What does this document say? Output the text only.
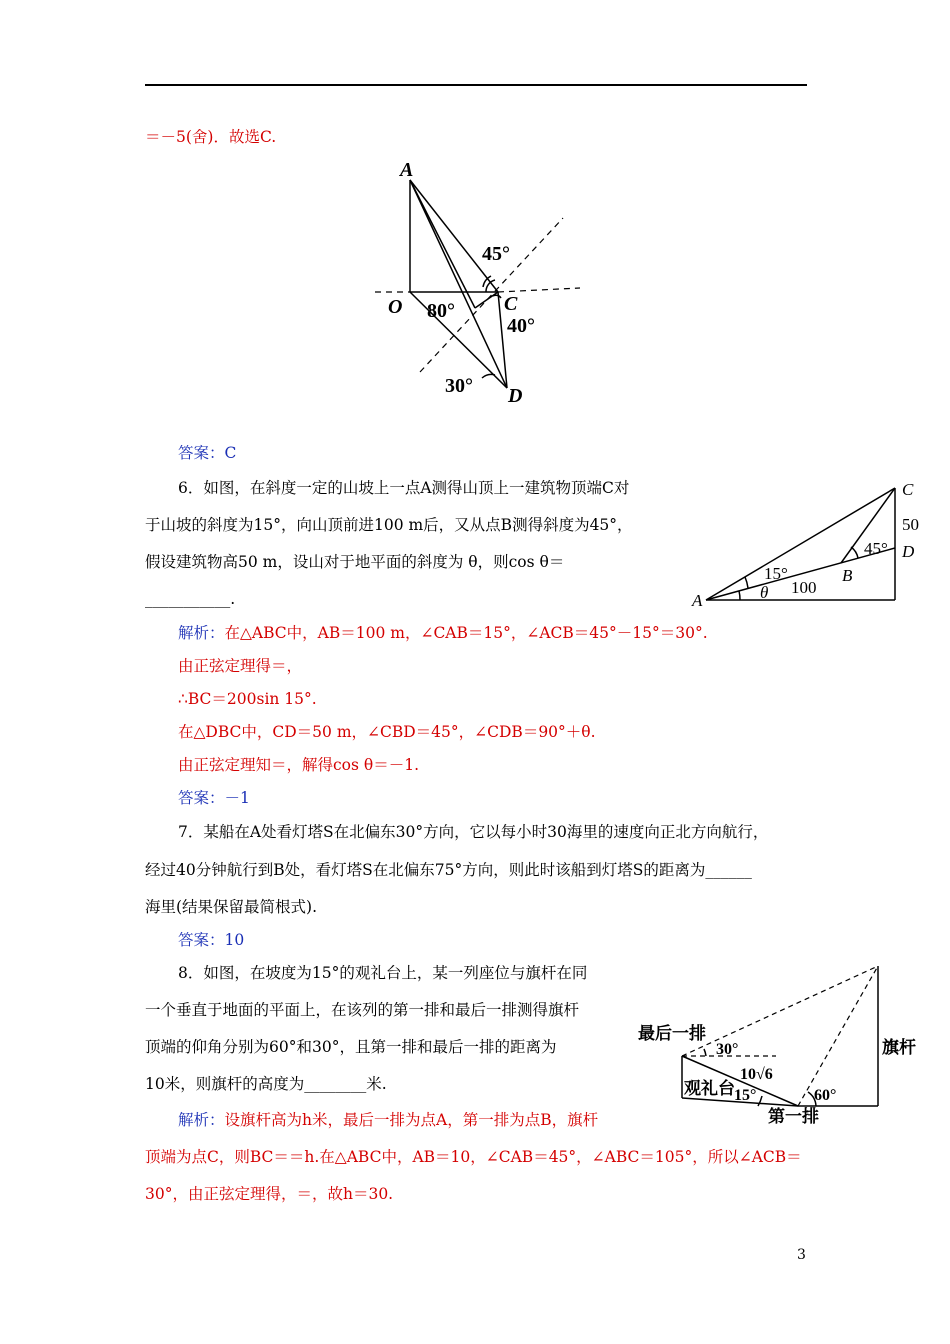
＝－5(舍)．故选C.
A
O	C
D
45°
80°
40°
30°
答案：C
6．如图，在斜度一定的山坡上一点A测得山顶上一建筑物顶端C对
于山坡的斜度为15°，向山顶前进100 m后，又从点B测得斜度为45°，
假设建筑物高50 m，设山对于地平面的斜度为 θ，则cos θ＝
___________.	A
B
C
D
15°
θ 100
45°
50
解析：在△ABC中，AB＝100 m，∠CAB＝15°，∠ACB＝45°－15°＝30°.
由正弦定理得＝，
∴BC＝200sin 15°.
在△DBC中，CD＝50 m，∠CBD＝45°，∠CDB＝90°＋θ.
由正弦定理知＝，解得cos θ＝－1.
答案：－1
7．某船在A处看灯塔S在北偏东30°方向，它以每小时30海里的速度向正北方向航行，
经过40分钟航行到B处，看灯塔S在北偏东75°方向，则此时该船到灯塔S的距离为______
海里(结果保留最简根式).
答案：10
8．如图，在坡度为15°的观礼台上，某一列座位与旗杆在同
一个垂直于地面的平面上，在该列的第一排和最后一排测得旗杆
顶端的仰角分别为60°和30°，且第一排和最后一排的距离为
10米，则旗杆的高度为________米.
最后一排
第一排
旗杆
观礼台
30°
60°
15°
10√6
解析：设旗杆高为h米，最后一排为点A，第一排为点B，旗杆
顶端为点C，则BC＝＝h.在△ABC中，AB＝10，∠CAB＝45°，∠ABC＝105°，所以∠ACB＝
30°，由正弦定理得，＝，故h＝30.
3
